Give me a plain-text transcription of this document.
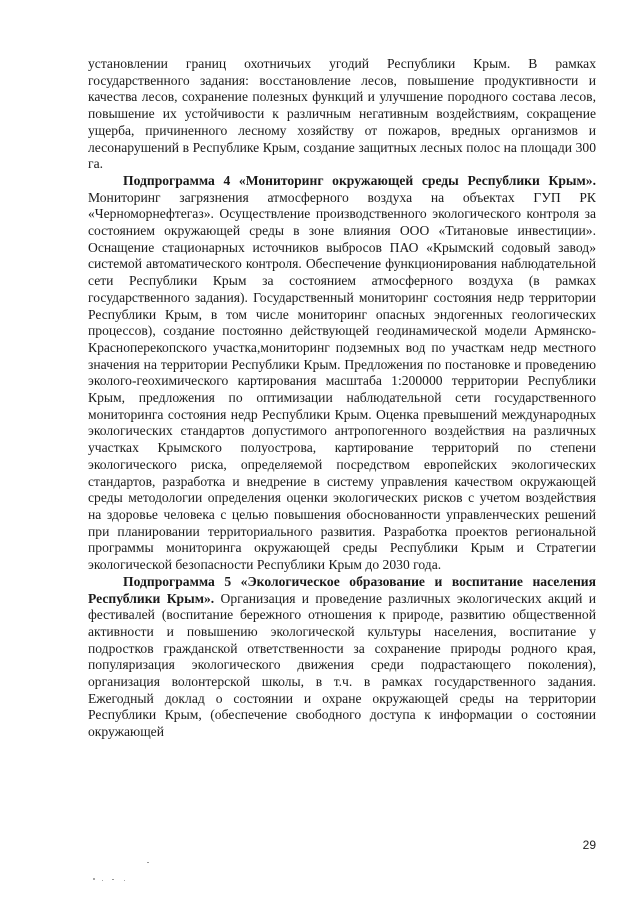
установлении границ охотничьих угодий Республики Крым. В рамках государственного задания: восстановление лесов, повышение продуктивности и качества лесов, сохранение полезных функций и улучшение породного состава лесов, повышение их устойчивости к различным негативным воздействиям, сокращение ущерба, причиненного лесному хозяйству от пожаров, вредных организмов и лесонарушений в Республике Крым, создание защитных лесных полос на площади 300 га.

Подпрограмма 4 «Мониторинг окружающей среды Республики Крым». Мониторинг загрязнения атмосферного воздуха на объектах ГУП РК «Черноморнефтегаз». Осуществление производственного экологического контроля за состоянием окружающей среды в зоне влияния ООО «Титановые инвестиции». Оснащение стационарных источников выбросов ПАО «Крымский содовый завод» системой автоматического контроля. Обеспечение функционирования наблюдательной сети Республики Крым за состоянием атмосферного воздуха (в рамках государственного задания). Государственный мониторинг состояния недр территории Республики Крым, в том числе мониторинг опасных эндогенных геологических процессов), создание постоянно действующей геодинамической модели Армянско-Красноперекопского участка,мониторинг подземных вод по участкам недр местного значения на территории Республики Крым. Предложения по постановке и проведению эколого-геохимического картирования масштаба 1:200000 территории Республики Крым, предложения по оптимизации наблюдательной сети государственного мониторинга состояния недр Республики Крым. Оценка превышений международных экологических стандартов допустимого антропогенного воздействия на различных участках Крымского полуострова, картирование территорий по степени экологического риска, определяемой посредством европейских экологических стандартов, разработка и внедрение в систему управления качеством окружающей среды методологии определения оценки экологических рисков с учетом воздействия на здоровье человека с целью повышения обоснованности управленческих решений при планировании территориального развития. Разработка проектов региональной программы мониторинга окружающей среды Республики Крым и Стратегии экологической безопасности Республики Крым до 2030 года.

Подпрограмма 5 «Экологическое образование и воспитание населения Республики Крым». Организация и проведение различных экологических акций и фестивалей (воспитание бережного отношения к природе, развитию общественной активности и повышению экологической культуры населения, воспитание у подростков гражданской ответственности за сохранение природы родного края, популяризация экологического движения среди подрастающего поколения), организация волонтерской школы, в т.ч. в рамках государственного задания. Ежегодный доклад о состоянии и охране окружающей среды на территории Республики Крым, (обеспечение свободного доступа к информации о состоянии окружающей

29
